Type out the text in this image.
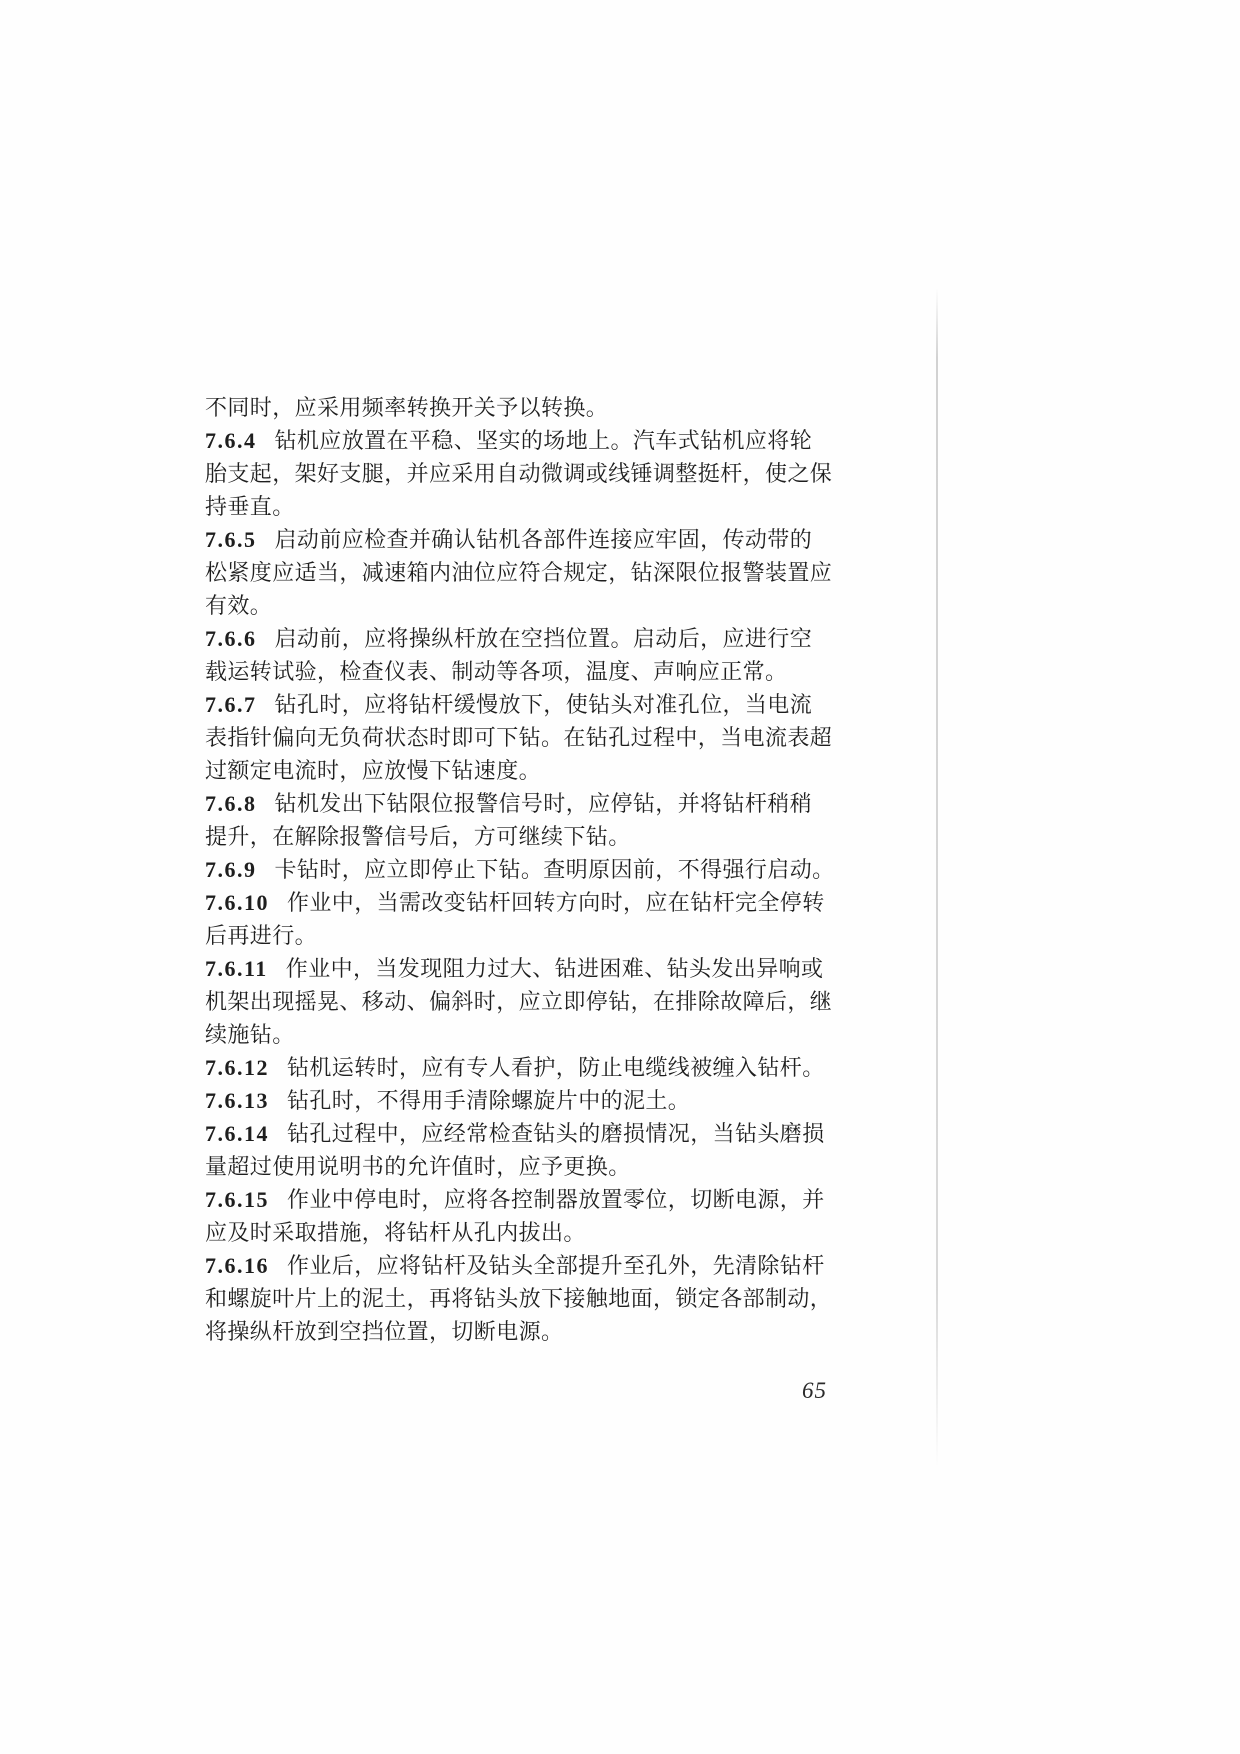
不同时，应采用频率转换开关予以转换。
7.6.4 钻机应放置在平稳、坚实的场地上。汽车式钻机应将轮
胎支起，架好支腿，并应采用自动微调或线锤调整挺杆，使之保
持垂直。
7.6.5 启动前应检查并确认钻机各部件连接应牢固，传动带的
松紧度应适当，减速箱内油位应符合规定，钻深限位报警装置应
有效。
7.6.6 启动前，应将操纵杆放在空挡位置。启动后，应进行空
载运转试验，检查仪表、制动等各项，温度、声响应正常。
7.6.7 钻孔时，应将钻杆缓慢放下，使钻头对准孔位，当电流
表指针偏向无负荷状态时即可下钻。在钻孔过程中，当电流表超
过额定电流时，应放慢下钻速度。
7.6.8 钻机发出下钻限位报警信号时，应停钻，并将钻杆稍稍
提升，在解除报警信号后，方可继续下钻。
7.6.9 卡钻时，应立即停止下钻。查明原因前，不得强行启动。
7.6.10 作业中，当需改变钻杆回转方向时，应在钻杆完全停转
后再进行。
7.6.11 作业中，当发现阻力过大、钻进困难、钻头发出异响或
机架出现摇晃、移动、偏斜时，应立即停钻，在排除故障后，继
续施钻。
7.6.12 钻机运转时，应有专人看护，防止电缆线被缠入钻杆。
7.6.13 钻孔时，不得用手清除螺旋片中的泥土。
7.6.14 钻孔过程中，应经常检查钻头的磨损情况，当钻头磨损
量超过使用说明书的允许值时，应予更换。
7.6.15 作业中停电时，应将各控制器放置零位，切断电源，并
应及时采取措施，将钻杆从孔内拔出。
7.6.16 作业后，应将钻杆及钻头全部提升至孔外，先清除钻杆
和螺旋叶片上的泥土，再将钻头放下接触地面，锁定各部制动，
将操纵杆放到空挡位置，切断电源。
65
